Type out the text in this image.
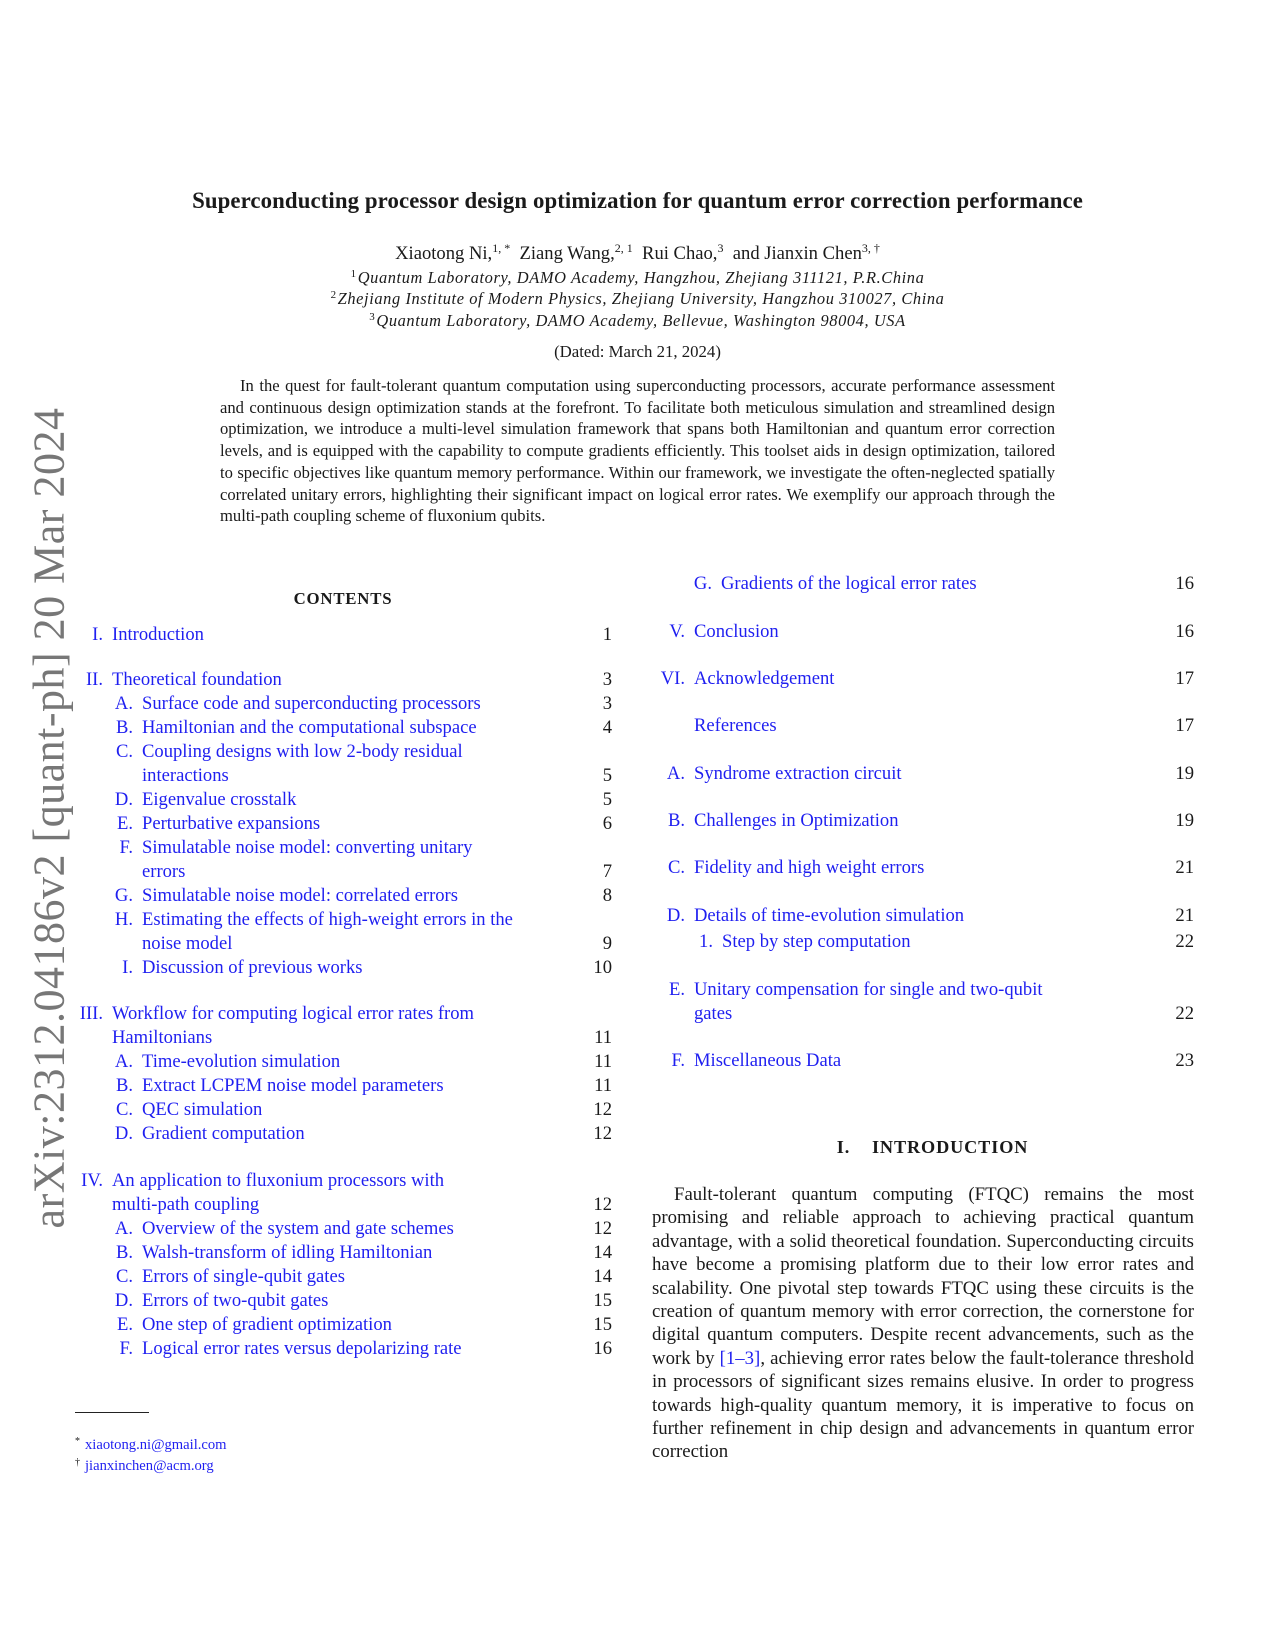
arXiv:2312.04186v2 [quant-ph] 20 Mar 2024
Superconducting processor design optimization for quantum error correction performance
Xiaotong Ni,$^{1, *}$ Ziang Wang,$^{2, 1}$ Rui Chao,$^3$ and Jianxin Chen$^{3, \dagger}$
$^1$Quantum Laboratory, DAMO Academy, Hangzhou, Zhejiang 311121, P.R.China
$^2$Zhejiang Institute of Modern Physics, Zhejiang University, Hangzhou 310027, China
$^3$Quantum Laboratory, DAMO Academy, Bellevue, Washington 98004, USA
(Dated: March 21, 2024)

In the quest for fault-tolerant quantum computation using superconducting processors, accurate performance assessment and continuous design optimization stands at the forefront. To facilitate both meticulous simulation and streamlined design optimization, we introduce a multi-level simulation framework that spans both Hamiltonian and quantum error correction levels, and is equipped with the capability to compute gradients efficiently. This toolset aids in design optimization, tailored to specific objectives like quantum memory performance. Within our framework, we investigate the often-neglected spatially correlated unitary errors, highlighting their significant impact on logical error rates. We exemplify our approach through the multi-path coupling scheme of fluxonium qubits.

CONTENTS
I. Introduction	1
II. Theoretical foundation	3
A. Surface code and superconducting processors	3
B. Hamiltonian and the computational subspace	4
C. Coupling designs with low 2-body residual
interactions	5
D. Eigenvalue crosstalk	5
E. Perturbative expansions	6
F. Simulatable noise model: converting unitary
errors	7
G. Simulatable noise model: correlated errors	8
H. Estimating the effects of high-weight errors in the
noise model	9
I. Discussion of previous works	10
III. Workflow for computing logical error rates from
Hamiltonians	11
A. Time-evolution simulation	11
B. Extract LCPEM noise model parameters	11
C. QEC simulation	12
D. Gradient computation	12
IV. An application to fluxonium processors with
multi-path coupling	12
A. Overview of the system and gate schemes	12
B. Walsh-transform of idling Hamiltonian	14
C. Errors of single-qubit gates	14
D. Errors of two-qubit gates	15
E. One step of gradient optimization	15
F. Logical error rates versus depolarizing rate	16
G. Gradients of the logical error rates	16
V. Conclusion	16
VI. Acknowledgement	17
References	17
A. Syndrome extraction circuit	19
B. Challenges in Optimization	19
C. Fidelity and high weight errors	21
D. Details of time-evolution simulation	21
1. Step by step computation	22
E. Unitary compensation for single and two-qubit
gates	22
F. Miscellaneous Data	23
I. INTRODUCTION

Fault-tolerant quantum computing (FTQC) remains the most promising and reliable approach to achieving practical quantum advantage, with a solid theoretical foundation. Superconducting circuits have become a promising platform due to their low error rates and scalability. One pivotal step towards FTQC using these circuits is the creation of quantum memory with error correction, the cornerstone for digital quantum computers. Despite recent advancements, such as the work by [1–3], achieving error rates below the fault-tolerance threshold in processors of significant sizes remains elusive. In order to progress towards high-quality quantum memory, it is imperative to focus on further refinement in chip design and advancements in quantum error correction

* xiaotong.ni@gmail.com
† jianxinchen@acm.org
